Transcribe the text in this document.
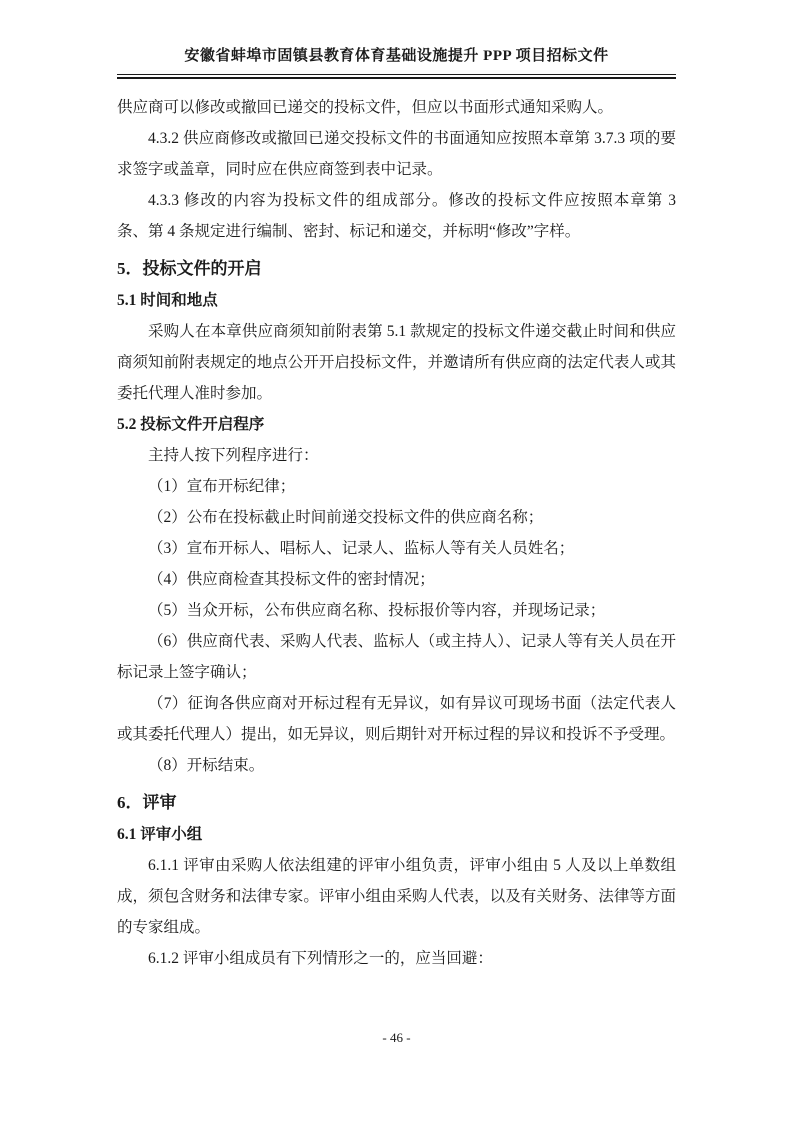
安徽省蚌埠市固镇县教育体育基础设施提升 PPP 项目招标文件

供应商可以修改或撤回已递交的投标文件，但应以书面形式通知采购人。

4.3.2 供应商修改或撤回已递交投标文件的书面通知应按照本章第 3.7.3 项的要求签字或盖章，同时应在供应商签到表中记录。

4.3.3 修改的内容为投标文件的组成部分。修改的投标文件应按照本章第 3 条、第 4 条规定进行编制、密封、标记和递交，并标明“修改”字样。

5．投标文件的开启
5.1 时间和地点

采购人在本章供应商须知前附表第 5.1 款规定的投标文件递交截止时间和供应商须知前附表规定的地点公开开启投标文件，并邀请所有供应商的法定代表人或其委托代理人准时参加。

5.2 投标文件开启程序

主持人按下列程序进行：

（1）宣布开标纪律；

（2）公布在投标截止时间前递交投标文件的供应商名称；

（3）宣布开标人、唱标人、记录人、监标人等有关人员姓名；

（4）供应商检查其投标文件的密封情况；

（5）当众开标，公布供应商名称、投标报价等内容，并现场记录；

（6）供应商代表、采购人代表、监标人（或主持人）、记录人等有关人员在开标记录上签字确认；

（7）征询各供应商对开标过程有无异议，如有异议可现场书面（法定代表人或其委托代理人）提出，如无异议，则后期针对开标过程的异议和投诉不予受理。

（8）开标结束。

6．评审
6.1 评审小组

6.1.1 评审由采购人依法组建的评审小组负责，评审小组由 5 人及以上单数组成，须包含财务和法律专家。评审小组由采购人代表，以及有关财务、法律等方面的专家组成。

6.1.2 评审小组成员有下列情形之一的，应当回避：

- 46 -
